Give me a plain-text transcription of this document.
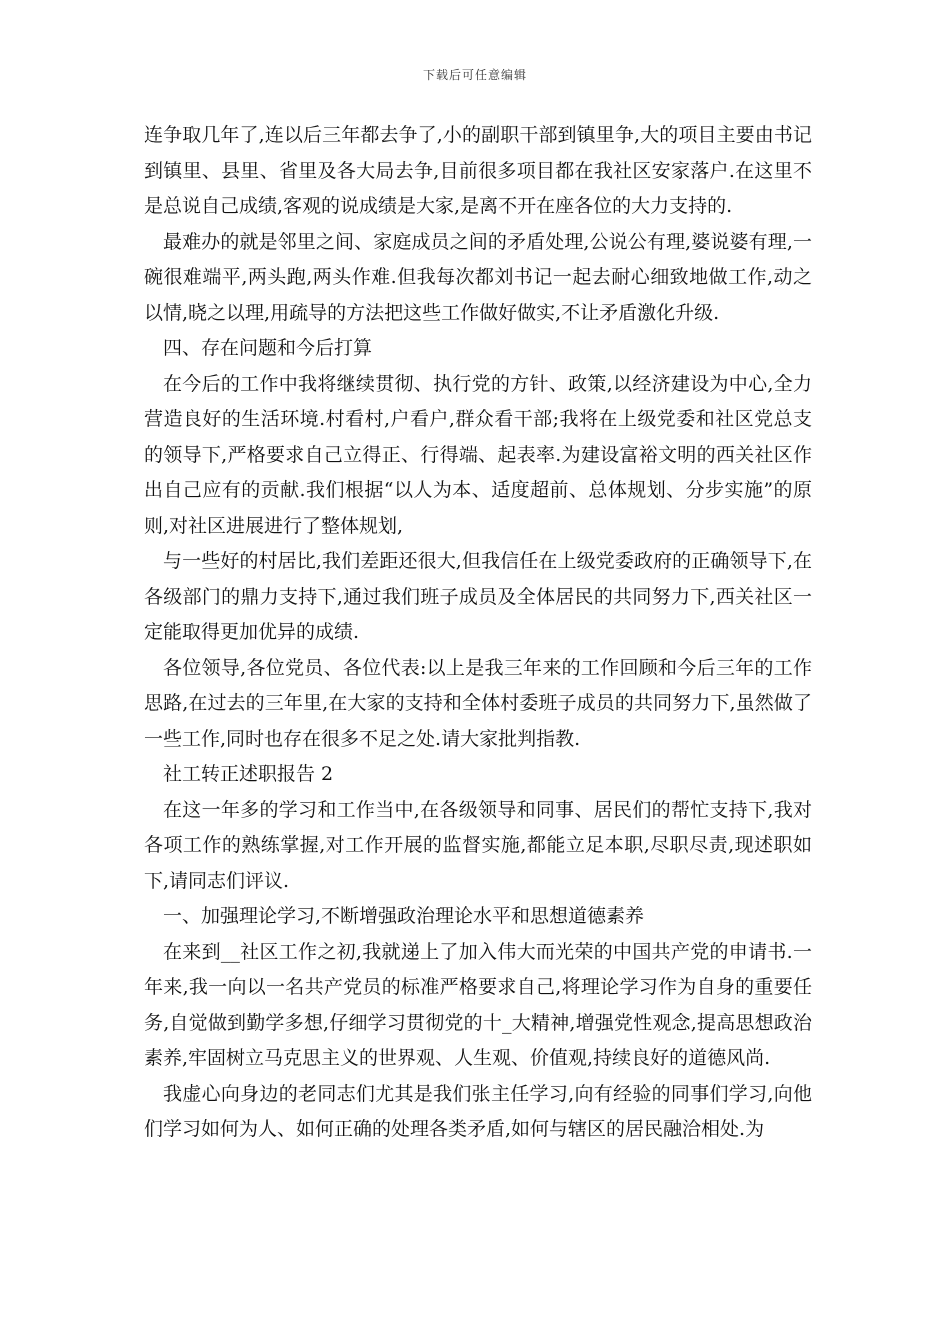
下载后可任意编辑

连争取几年了,连以后三年都去争了,小的副职干部到镇里争,大的项目主要由书记到镇里、县里、省里及各大局去争,目前很多项目都在我社区安家落户.在这里不是总说自己成绩,客观的说成绩是大家,是离不开在座各位的大力支持的.

最难办的就是邻里之间、家庭成员之间的矛盾处理,公说公有理,婆说婆有理,一碗很难端平,两头跑,两头作难.但我每次都刘书记一起去耐心细致地做工作,动之以情,晓之以理,用疏导的方法把这些工作做好做实,不让矛盾激化升级.

四、存在问题和今后打算

在今后的工作中我将继续贯彻、执行党的方针、政策,以经济建设为中心,全力营造良好的生活环境.村看村,户看户,群众看干部;我将在上级党委和社区党总支的领导下,严格要求自己立得正、行得端、起表率.为建设富裕文明的西关社区作出自己应有的贡献.我们根据“以人为本、适度超前、总体规划、分步实施”的原则,对社区进展进行了整体规划,

与一些好的村居比,我们差距还很大,但我信任在上级党委政府的正确领导下,在各级部门的鼎力支持下,通过我们班子成员及全体居民的共同努力下,西关社区一定能取得更加优异的成绩.

各位领导,各位党员、各位代表:以上是我三年来的工作回顾和今后三年的工作思路,在过去的三年里,在大家的支持和全体村委班子成员的共同努力下,虽然做了一些工作,同时也存在很多不足之处.请大家批判指教.

社工转正述职报告 2

在这一年多的学习和工作当中,在各级领导和同事、居民们的帮忙支持下,我对各项工作的熟练掌握,对工作开展的监督实施,都能立足本职,尽职尽责,现述职如下,请同志们评议.

一、加强理论学习,不断增强政治理论水平和思想道德素养

在来到__社区工作之初,我就递上了加入伟大而光荣的中国共产党的申请书.一年来,我一向以一名共产党员的标准严格要求自己,将理论学习作为自身的重要任务,自觉做到勤学多想,仔细学习贯彻党的十_大精神,增强党性观念,提高思想政治素养,牢固树立马克思主义的世界观、人生观、价值观,持续良好的道德风尚.

我虚心向身边的老同志们尤其是我们张主任学习,向有经验的同事们学习,向他们学习如何为人、如何正确的处理各类矛盾,如何与辖区的居民融洽相处.为
